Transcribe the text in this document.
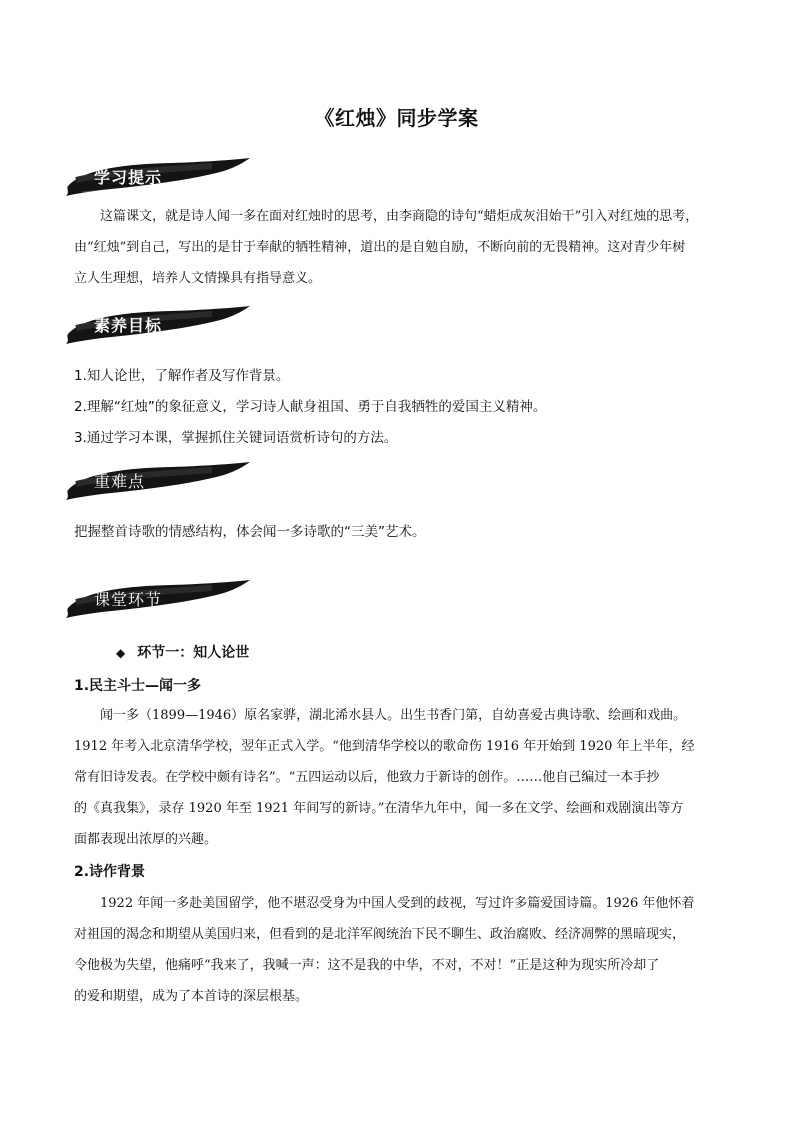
《红烛》同步学案
学习提示
这篇课文，就是诗人闻一多在面对红烛时的思考，由李商隐的诗句“蜡炬成灰泪始干”引入对红烛的思考，
由“红烛”到自己，写出的是甘于奉献的牺牲精神，道出的是自勉自励，不断向前的无畏精神。这对青少年树
立人生理想，培养人文情操具有指导意义。
素养目标
1.知人论世，了解作者及写作背景。
2.理解“红烛”的象征意义，学习诗人献身祖国、勇于自我牺牲的爱国主义精神。
3.通过学习本课，掌握抓住关键词语赏析诗句的方法。
重难点
把握整首诗歌的情感结构，体会闻一多诗歌的“三美”艺术。
课堂环节
◆ 环节一：知人论世
1.民主斗士—闻一多
闻一多（1899—1946）原名家骅，湖北浠水县人。出生书香门第，自幼喜爱古典诗歌、绘画和戏曲。
1912 年考入北京清华学校，翌年正式入学。“他到清华学校以的歌命伤 1916 年开始到 1920 年上半年，经
常有旧诗发表。在学校中颇有诗名”。“五四运动以后，他致力于新诗的创作。……他自己编过一本手抄
的《真我集》，录存 1920 年至 1921 年间写的新诗。”在清华九年中，闻一多在文学、绘画和戏剧演出等方
面都表现出浓厚的兴趣。
2.诗作背景
1922 年闻一多赴美国留学，他不堪忍受身为中国人受到的歧视，写过许多篇爱国诗篇。1926 年他怀着
对祖国的渴念和期望从美国归来，但看到的是北洋军阀统治下民不聊生、政治腐败、经济凋弊的黑暗现实，
令他极为失望，他痛呼“我来了，我喊一声：这不是我的中华，不对，不对！”正是这种为现实所冷却了
的爱和期望，成为了本首诗的深层根基。
